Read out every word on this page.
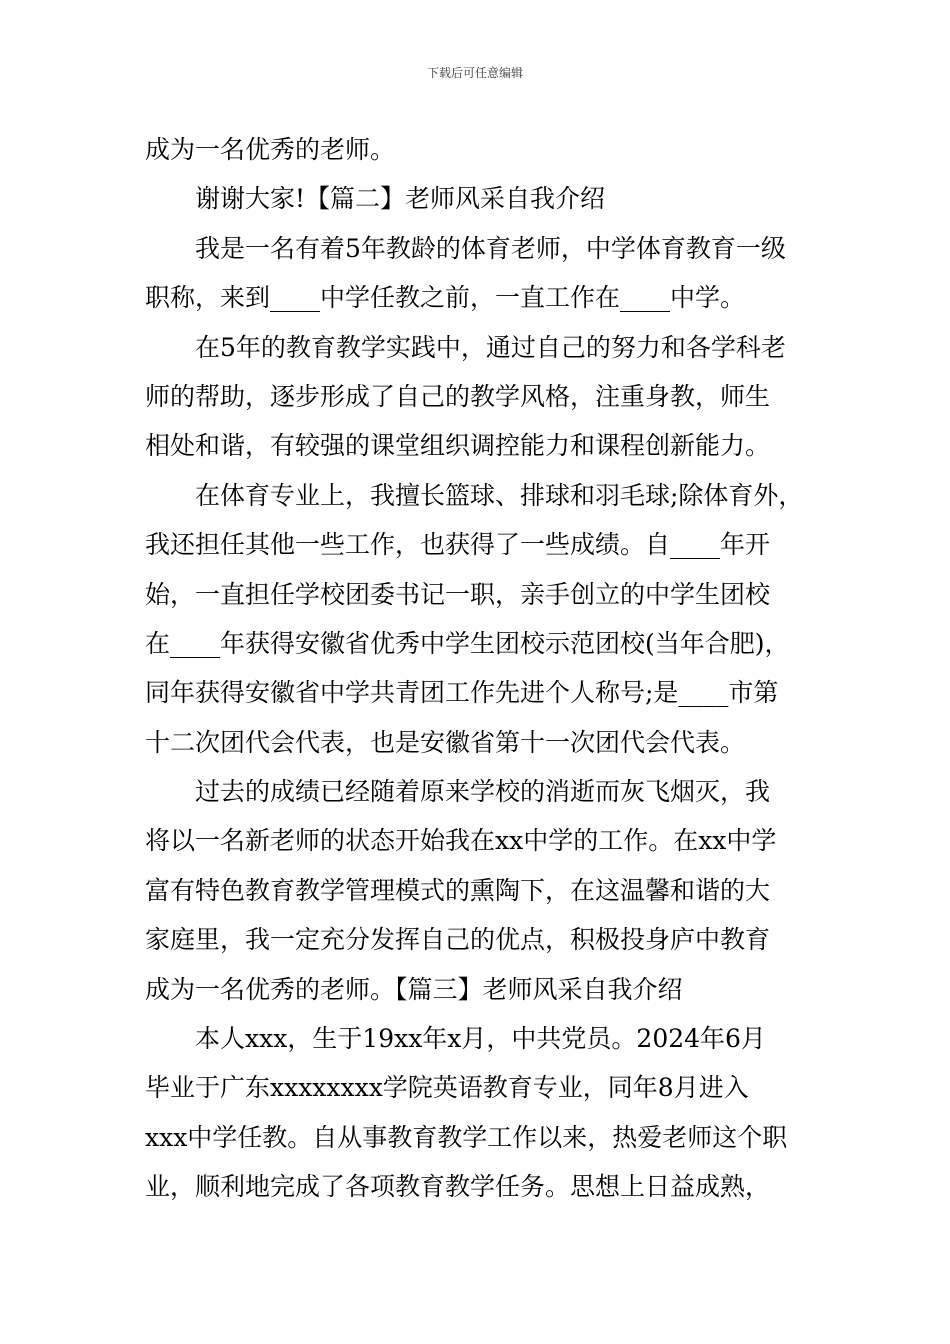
下载后可任意编辑
成为一名优秀的老师。
谢谢大家!【篇二】老师风采自我介绍
我是一名有着5年教龄的体育老师，中学体育教育一级
职称，来到____中学任教之前，一直工作在____中学。
在5年的教育教学实践中，通过自己的努力和各学科老
师的帮助，逐步形成了自己的教学风格，注重身教，师生
相处和谐，有较强的课堂组织调控能力和课程创新能力。
在体育专业上，我擅长篮球、排球和羽毛球;除体育外，
我还担任其他一些工作，也获得了一些成绩。自____年开
始，一直担任学校团委书记一职，亲手创立的中学生团校
在____年获得安徽省优秀中学生团校示范团校(当年合肥)，
同年获得安徽省中学共青团工作先进个人称号;是____市第
十二次团代会代表，也是安徽省第十一次团代会代表。
过去的成绩已经随着原来学校的消逝而灰飞烟灭，我
将以一名新老师的状态开始我在xx中学的工作。在xx中学
富有特色教育教学管理模式的熏陶下，在这温馨和谐的大
家庭里，我一定充分发挥自己的优点，积极投身庐中教育
成为一名优秀的老师。【篇三】老师风采自我介绍
本人xxx，生于19xx年x月，中共党员。2024年6月
毕业于广东xxxxxxxx学院英语教育专业，同年8月进入
xxx中学任教。自从事教育教学工作以来，热爱老师这个职
业，顺利地完成了各项教育教学任务。思想上日益成熟，
